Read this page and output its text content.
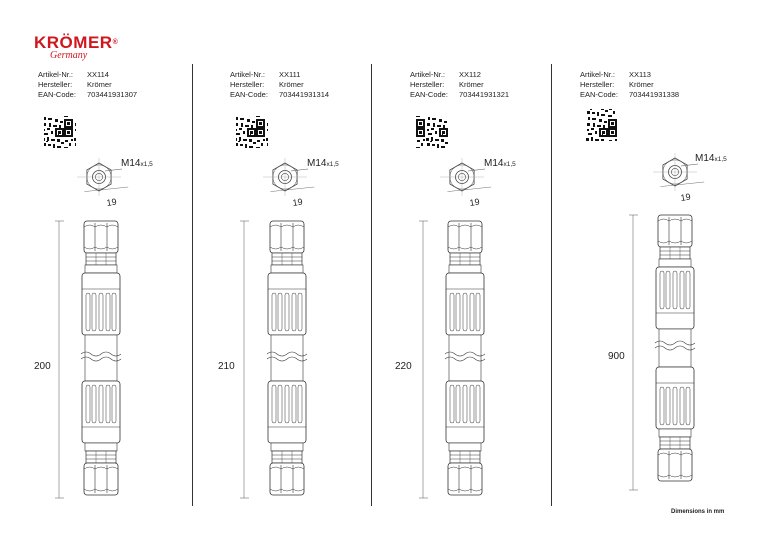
KRÖMER®
Germany
Artikel-Nr.:	XX114
Hersteller:	Krömer
EAN-Code:	703441931307
Artikel-Nr.:	XX111
Hersteller:	Krömer
EAN-Code:	703441931314
Artikel-Nr.:	XX112
Hersteller:	Krömer
EAN-Code:	703441931321
Artikel-Nr.:	XX113
Hersteller:	Krömer
EAN-Code:	703441931338
M14x1,5
19
200
M14x1,5
19
210
M14x1,5
19
220
M14x1,5
19
900
Dimensions in mm
